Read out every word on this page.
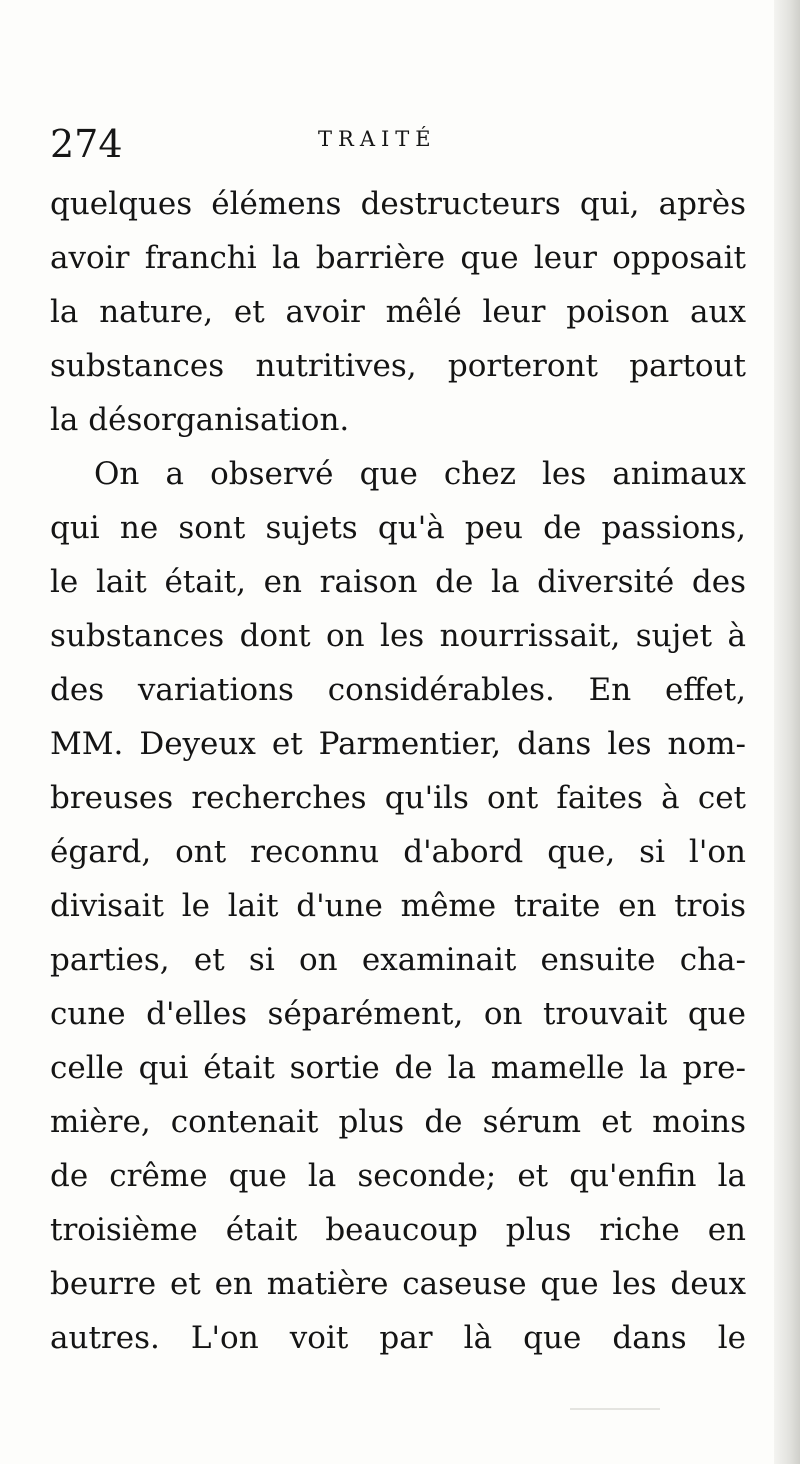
274	TRAITÉ
quelques élémens destructeurs qui, après
avoir franchi la barrière que leur opposait
la nature, et avoir mêlé leur poison aux
substances nutritives, porteront partout
la désorganisation.
On a observé que chez les animaux
qui ne sont sujets qu'à peu de passions,
le lait était, en raison de la diversité des
substances dont on les nourrissait, sujet à
des variations considérables. En effet,
MM. Deyeux et Parmentier, dans les nom-
breuses recherches qu'ils ont faites à cet
égard, ont reconnu d'abord que, si l'on
divisait le lait d'une même traite en trois
parties, et si on examinait ensuite cha-
cune d'elles séparément, on trouvait que
celle qui était sortie de la mamelle la pre-
mière, contenait plus de sérum et moins
de crême que la seconde; et qu'enfin la
troisième était beaucoup plus riche en
beurre et en matière caseuse que les deux
autres. L'on voit par là que dans le
